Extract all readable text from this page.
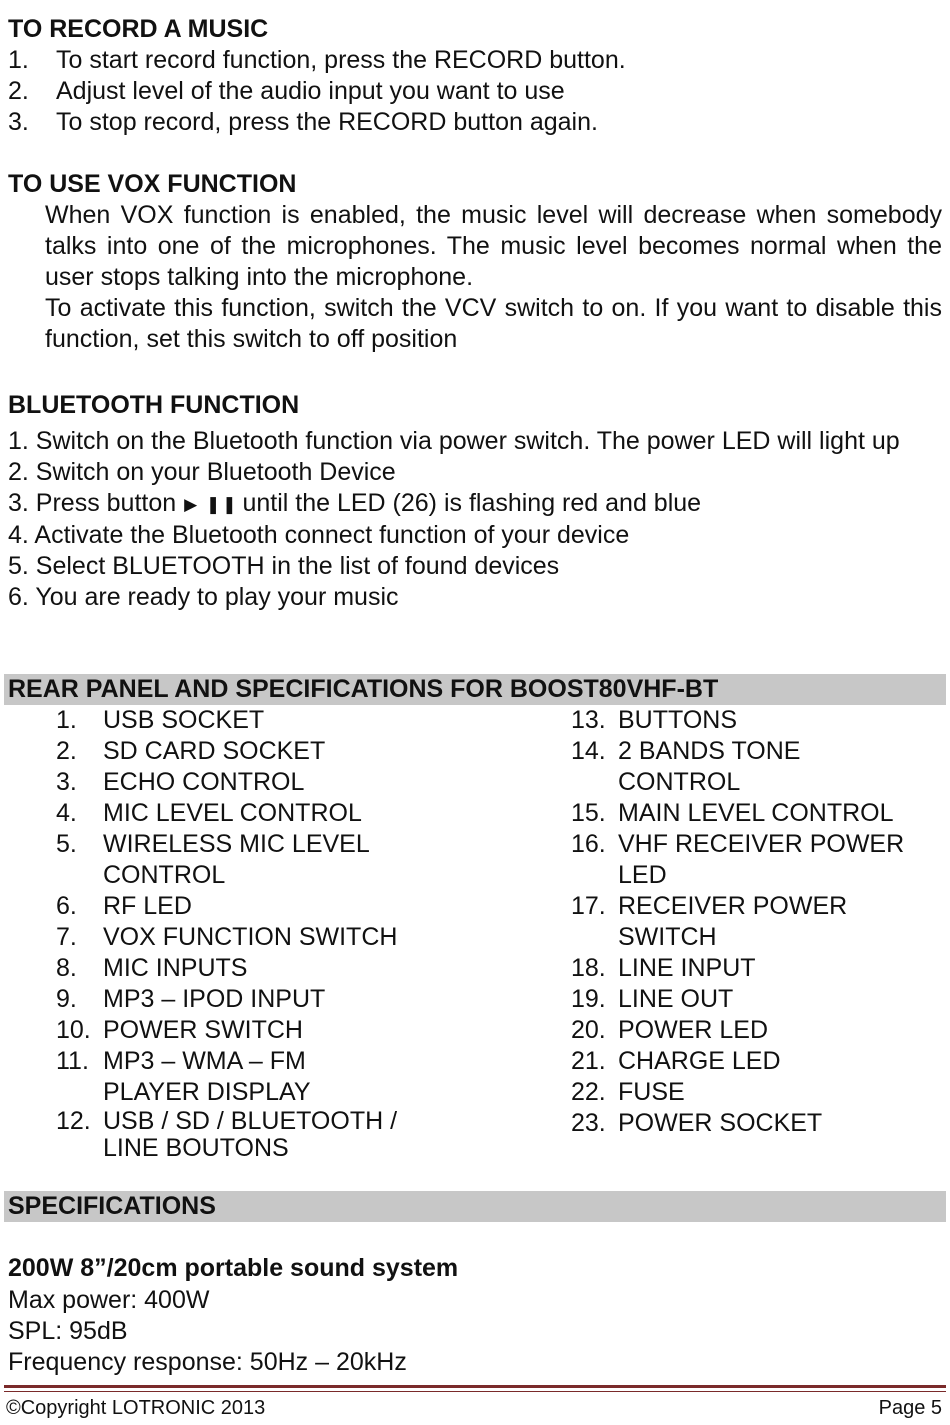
TO RECORD A MUSIC
1.	To start record function, press the RECORD button.
2.	Adjust level of the audio input you want to use
3.	To stop record, press the RECORD button again.
TO USE VOX FUNCTION

When VOX function is enabled, the music level will decrease when somebody talks into one of the microphones. The music level becomes normal when the user stops talking into the microphone.

To activate this function, switch the VCV switch to on. If you want to disable this function, set this switch to off position

BLUETOOTH FUNCTION
1. Switch on the Bluetooth function via power switch. The power LED will light up
2. Switch on your Bluetooth Device
3. Press button ▶ ❚❚ until the LED (26) is flashing red and blue
4. Activate the Bluetooth connect function of your device
5. Select BLUETOOTH in the list of found devices
6. You are ready to play your music
REAR PANEL AND SPECIFICATIONS FOR BOOST80VHF-BT
1.	USB SOCKET
2.	SD CARD SOCKET
3.	ECHO CONTROL
4.	MIC LEVEL CONTROL
5.	WIRELESS MIC LEVEL
CONTROL
6.	RF LED
7.	VOX FUNCTION SWITCH
8.	MIC INPUTS
9.	MP3 – IPOD INPUT
10. POWER SWITCH
11. MP3 – WMA – FM
PLAYER DISPLAY
12. USB / SD / BLUETOOTH /
LINE BOUTONS
13. BUTTONS
14. 2 BANDS TONE
CONTROL
15. MAIN LEVEL CONTROL
16. VHF RECEIVER POWER
LED
17. RECEIVER POWER
SWITCH
18. LINE INPUT
19. LINE OUT
20. POWER LED
21. CHARGE LED
22. FUSE
23. POWER SOCKET
SPECIFICATIONS
200W 8”/20cm portable sound system
Max power: 400W
SPL: 95dB
Frequency response: 50Hz – 20kHz
©Copyright LOTRONIC 2013	Page 5
